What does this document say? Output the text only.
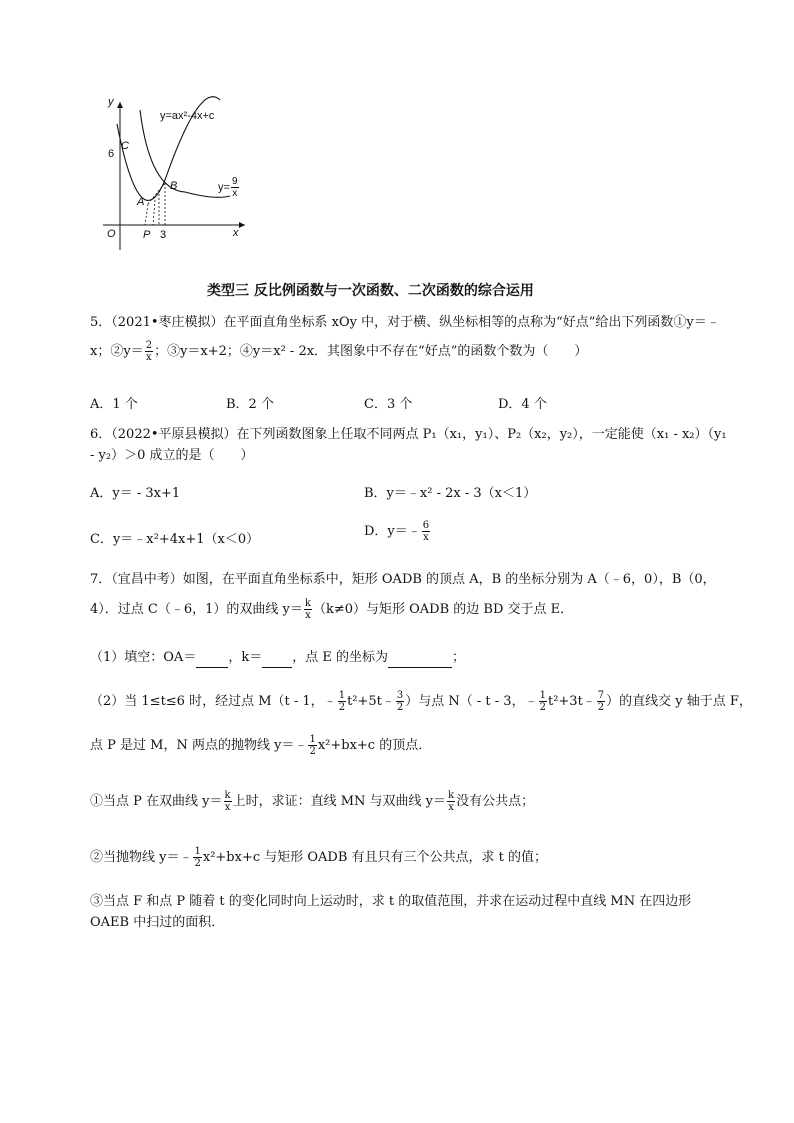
y
y=ax²-4x+c
6
C
B
A
$y= \frac{9}{x}$
O P 3	x
类型三 反比例函数与一次函数、二次函数的综合运用
5．（2021•枣庄模拟）在平面直角坐标系 xOy 中，对于横、纵坐标相等的点称为“好点”给出下列函数①y＝﹣
x；②y＝ $\frac{2}{x}$ ；③y＝x+2；④y＝x² - 2x．其图象中不存在“好点”的函数个数为（　　）
A．1 个	B．2 个	C．3 个	D．4 个
6．（2022•平原县模拟）在下列函数图象上任取不同两点 P₁（x₁，y₁）、P₂（x₂，y₂），一定能使（x₁ - x₂）（y₁
- y₂）＞0 成立的是（　　）
A．y＝ - 3x+1	B．y＝﹣x² - 2x - 3（x＜1）
C．y＝﹣x²+4x+1（x＜0）
D．y＝﹣ $\frac{6}{x}$
7．（宜昌中考）如图，在平面直角坐标系中，矩形 OADB 的顶点 A，B 的坐标分别为 A（﹣6，0），B（0，
4）．过点 C（﹣6，1）的双曲线 $y= \frac{k}{x} (k\ne 0)$与矩形 OADB 的边 BD 交于点 E．
（1）填空：OA＝ ，k＝ ，点 E 的坐标为	；
（2）当 1≤t≤6 时，经过点 M（t - 1，﹣ $\frac{1}{2}$ t²+5t﹣ $\frac{3}{2}$ ）与点 N（ - t - 3，﹣ $\frac{1}{2}$ t²+3t﹣ $\frac{7}{2}$ ）的直线交 y 轴于点 F，
点 P 是过 M，N 两点的抛物线 y＝﹣ $\frac{1}{2} x^2+bx+c$ 的顶点．
①当点 P 在双曲线 $y= \frac{k}{x}$ 上时，求证：直线 MN 与双曲线 $y= \frac{k}{x}$ 没有公共点；
②当抛物线 y＝﹣ $\frac{1}{2} x^2+bx+c$ 与矩形 OADB 有且只有三个公共点，求 t 的值；
③当点 F 和点 P 随着 t 的变化同时向上运动时，求 t 的取值范围，并求在运动过程中直线 MN 在四边形
OAEB 中扫过的面积．
